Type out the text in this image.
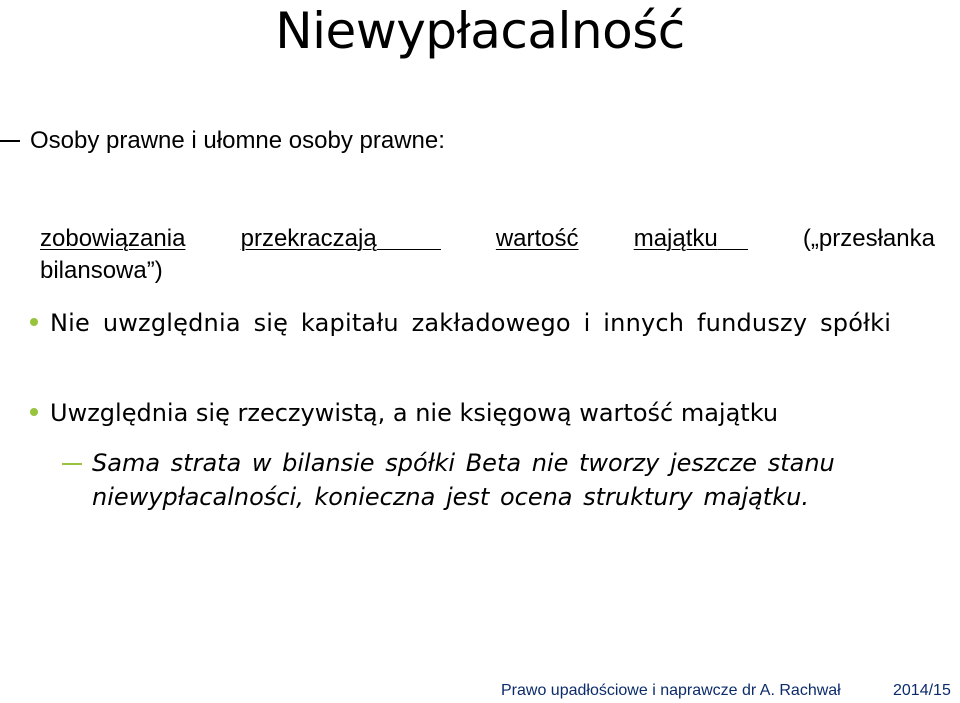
Niewypłacalność
Osoby prawne i ułomne osoby prawne:
zobowiązania przekraczają	wartość majątku	(„przesłanka
bilansowa”)
Nie uwzględnia się kapitału zakładowego i innych funduszy spółki
Uwzględnia się rzeczywistą, a nie księgową wartość majątku
Sama strata w bilansie spółki Beta nie tworzy jeszcze stanu niewypłacalności, konieczna jest ocena struktury majątku.
Prawo upadłościowe i naprawcze dr A. Rachwał	2014/15
